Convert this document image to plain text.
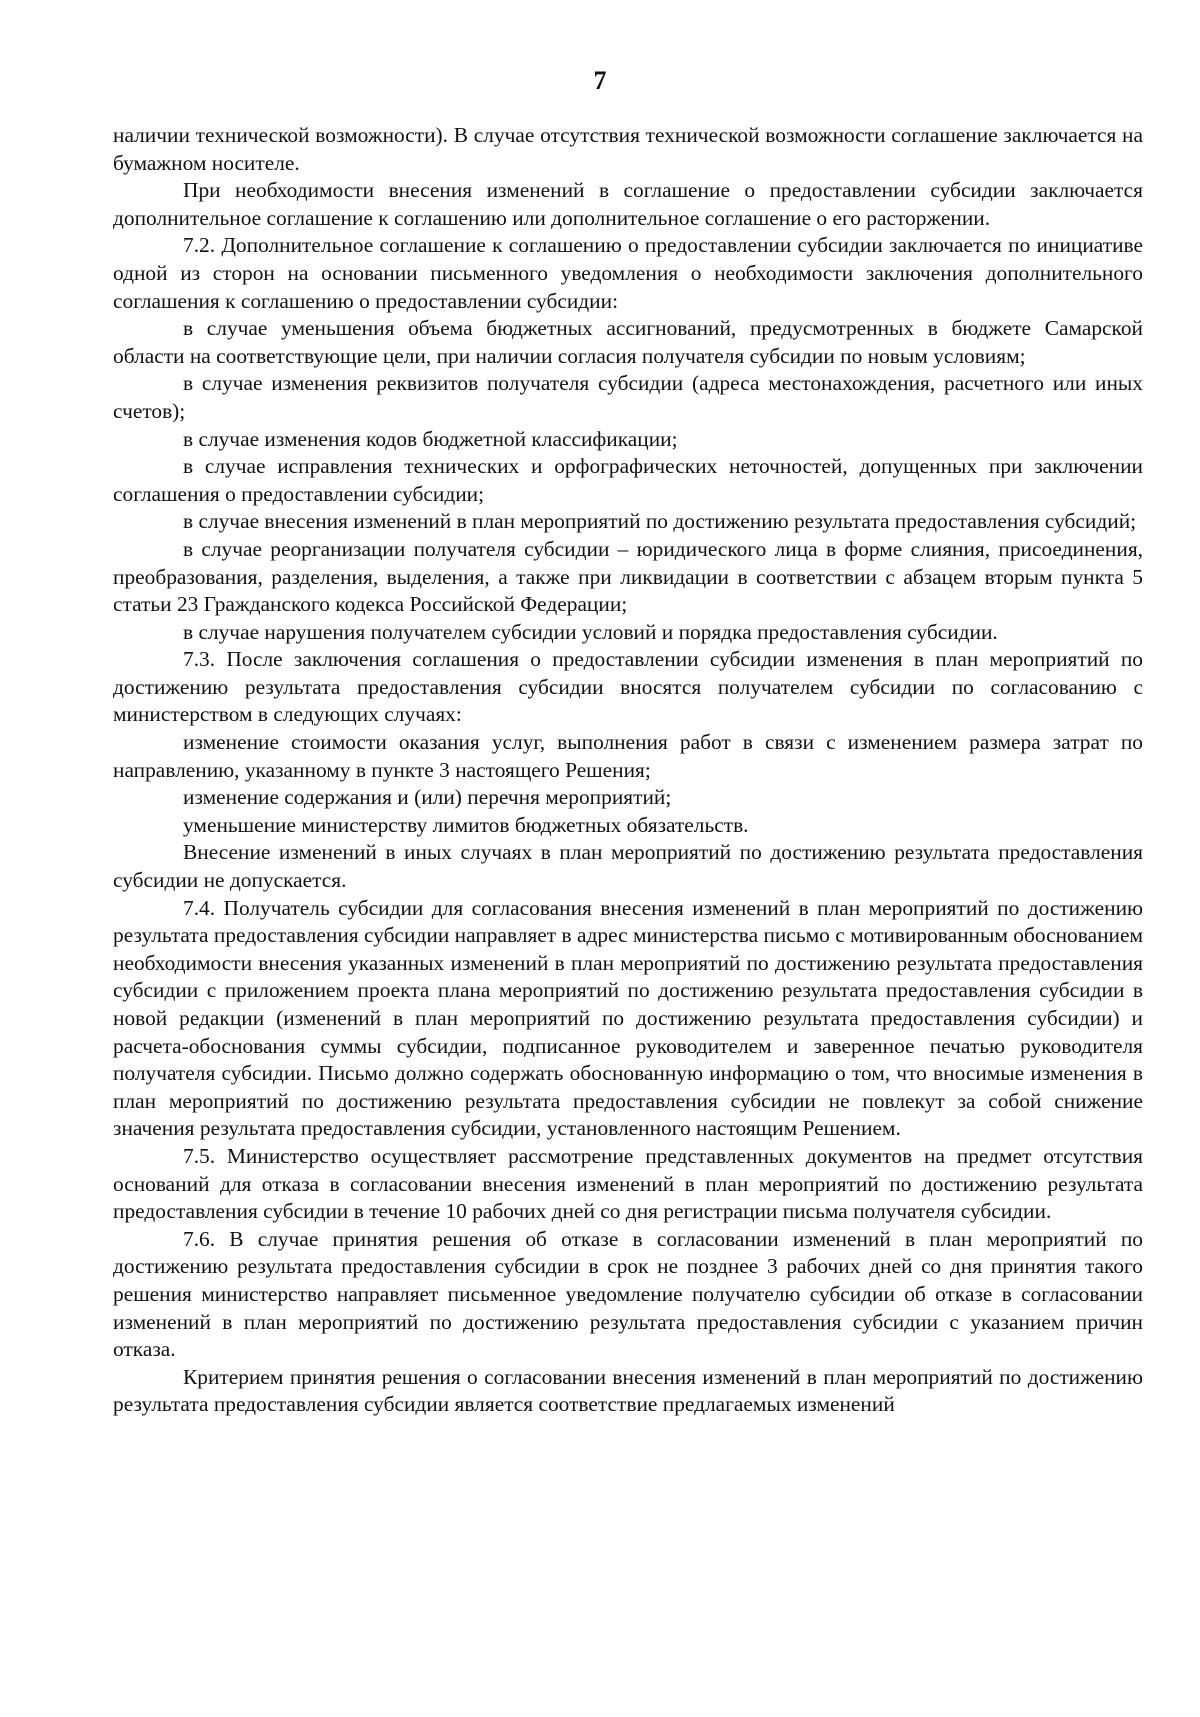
7

наличии технической возможности). В случае отсутствия технической возможности соглашение заключается на бумажном носителе.

При необходимости внесения изменений в соглашение о предоставлении субсидии заключается дополнительное соглашение к соглашению или дополнительное соглашение о его расторжении.

7.2. Дополнительное соглашение к соглашению о предоставлении субсидии заключается по инициативе одной из сторон на основании письменного уведомления о необходимости заключения дополнительного соглашения к соглашению о предоставлении субсидии:

в случае уменьшения объема бюджетных ассигнований, предусмотренных в бюджете Самарской области на соответствующие цели, при наличии согласия получателя субсидии по новым условиям;

в случае изменения реквизитов получателя субсидии (адреса местонахождения, расчетного или иных счетов);

в случае изменения кодов бюджетной классификации;

в случае исправления технических и орфографических неточностей, допущенных при заключении соглашения о предоставлении субсидии;

в случае внесения изменений в план мероприятий по достижению результата предоставления субсидий;

в случае реорганизации получателя субсидии – юридического лица в форме слияния, присоединения, преобразования, разделения, выделения, а также при ликвидации в соответствии с абзацем вторым пункта 5 статьи 23 Гражданского кодекса Российской Федерации;

в случае нарушения получателем субсидии условий и порядка предоставления субсидии.

7.3. После заключения соглашения о предоставлении субсидии изменения в план мероприятий по достижению результата предоставления субсидии вносятся получателем субсидии по согласованию с министерством в следующих случаях:

изменение стоимости оказания услуг, выполнения работ в связи с изменением размера затрат по направлению, указанному в пункте 3 настоящего Решения;

изменение содержания и (или) перечня мероприятий;

уменьшение министерству лимитов бюджетных обязательств.

Внесение изменений в иных случаях в план мероприятий по достижению результата предоставления субсидии не допускается.

7.4. Получатель субсидии для согласования внесения изменений в план мероприятий по достижению результата предоставления субсидии направляет в адрес министерства письмо с мотивированным обоснованием необходимости внесения указанных изменений в план мероприятий по достижению результата предоставления субсидии с приложением проекта плана мероприятий по достижению результата предоставления субсидии в новой редакции (изменений в план мероприятий по достижению результата предоставления субсидии) и расчета-обоснования суммы субсидии, подписанное руководителем и заверенное печатью руководителя получателя субсидии. Письмо должно содержать обоснованную информацию о том, что вносимые изменения в план мероприятий по достижению результата предоставления субсидии не повлекут за собой снижение значения результата предоставления субсидии, установленного настоящим Решением.

7.5. Министерство осуществляет рассмотрение представленных документов на предмет отсутствия оснований для отказа в согласовании внесения изменений в план мероприятий по достижению результата предоставления субсидии в течение 10 рабочих дней со дня регистрации письма получателя субсидии.

7.6. В случае принятия решения об отказе в согласовании изменений в план мероприятий по достижению результата предоставления субсидии в срок не позднее 3 рабочих дней со дня принятия такого решения министерство направляет письменное уведомление получателю субсидии об отказе в согласовании изменений в план мероприятий по достижению результата предоставления субсидии с указанием причин отказа.

Критерием принятия решения о согласовании внесения изменений в план мероприятий по достижению результата предоставления субсидии является соответствие предлагаемых изменений
